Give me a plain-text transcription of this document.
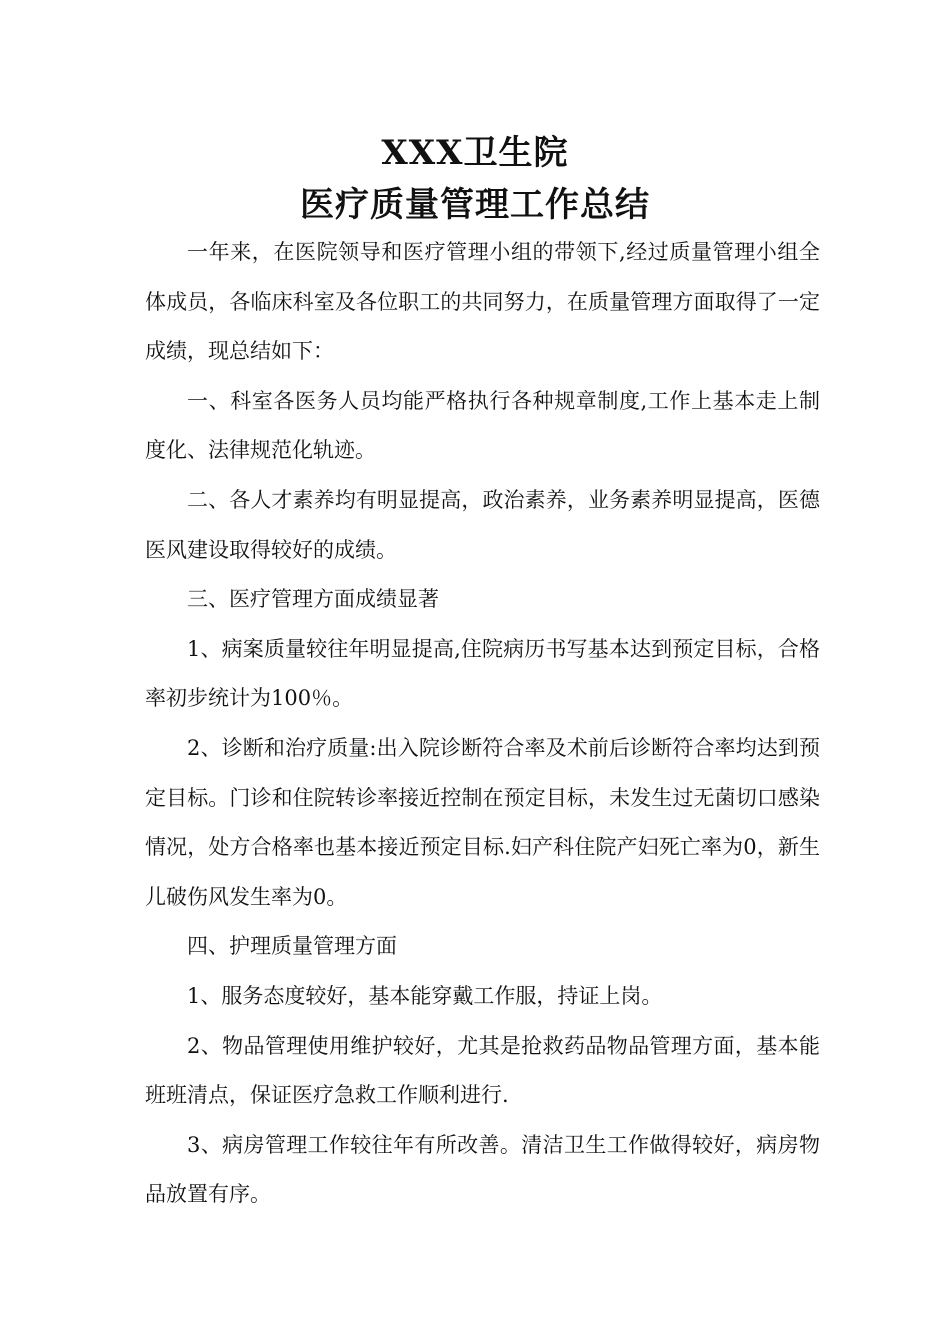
XXX卫生院
医疗质量管理工作总结

一年来，在医院领导和医疗管理小组的带领下,经过质量管理小组全体成员，各临床科室及各位职工的共同努力，在质量管理方面取得了一定成绩，现总结如下：

一、科室各医务人员均能严格执行各种规章制度,工作上基本走上制度化、法律规范化轨迹。

二、各人才素养均有明显提高，政治素养，业务素养明显提高，医德医风建设取得较好的成绩。

三、医疗管理方面成绩显著

1、病案质量较往年明显提高,住院病历书写基本达到预定目标，合格率初步统计为100％。

2、诊断和治疗质量:出入院诊断符合率及术前后诊断符合率均达到预定目标。门诊和住院转诊率接近控制在预定目标，未发生过无菌切口感染情况，处方合格率也基本接近预定目标.妇产科住院产妇死亡率为0，新生儿破伤风发生率为0。

四、护理质量管理方面

1、服务态度较好，基本能穿戴工作服，持证上岗。

2、物品管理使用维护较好，尤其是抢救药品物品管理方面，基本能班班清点，保证医疗急救工作顺利进行.

3、病房管理工作较往年有所改善。清洁卫生工作做得较好，病房物品放置有序。
